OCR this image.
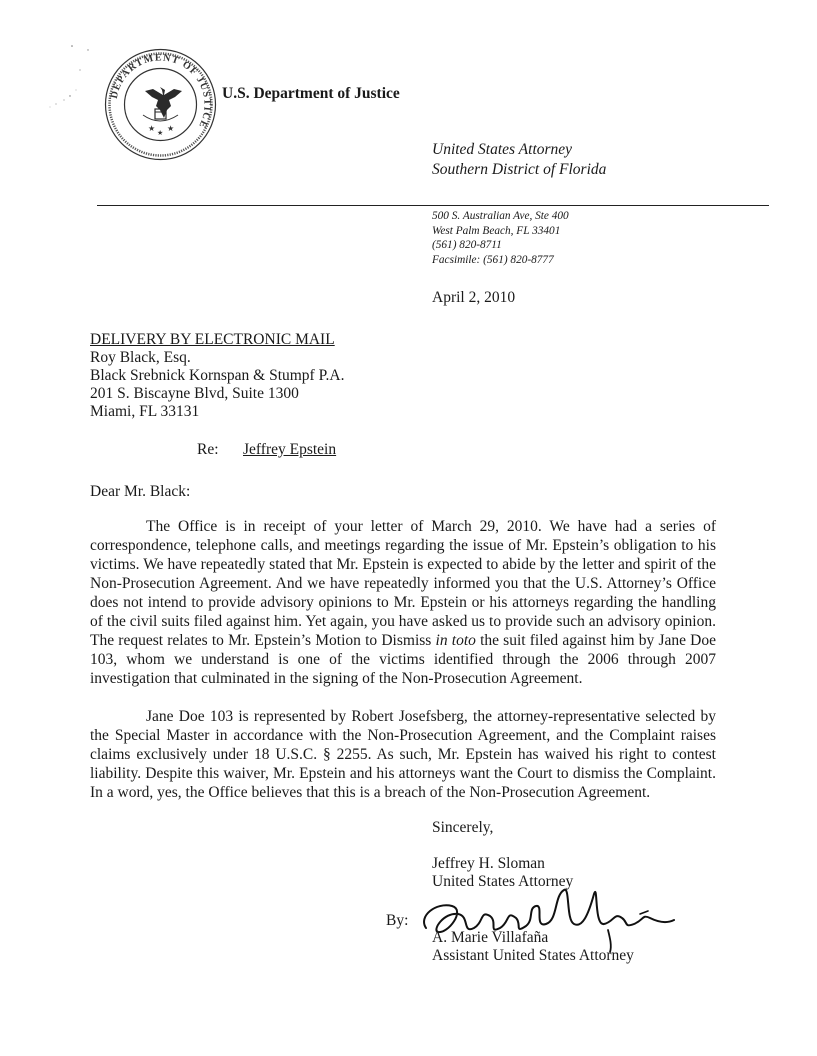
DEPARTMENT OF JUSTICE
★ ★
★
U.S. Department of Justice
United States Attorney
Southern District of Florida
500 S. Australian Ave, Ste 400
West Palm Beach, FL 33401
(561) 820-8711
Facsimile: (561) 820-8777
April 2, 2010
DELIVERY BY ELECTRONIC MAIL
Roy Black, Esq.
Black Srebnick Kornspan & Stumpf P.A.
201 S. Biscayne Blvd, Suite 1300
Miami, FL 33131
Re: Jeffrey Epstein
Dear Mr. Black:

The Office is in receipt of your letter of March 29, 2010. We have had a series of correspondence, telephone calls, and meetings regarding the issue of Mr. Epstein’s obligation to his victims. We have repeatedly stated that Mr. Epstein is expected to abide by the letter and spirit of the Non-Prosecution Agreement. And we have repeatedly informed you that the U.S. Attorney’s Office does not intend to provide advisory opinions to Mr. Epstein or his attorneys regarding the handling of the civil suits filed against him. Yet again, you have asked us to provide such an advisory opinion. The request relates to Mr. Epstein’s Motion to Dismiss in toto the suit filed against him by Jane Doe 103, whom we understand is one of the victims identified through the 2006 through 2007 investigation that culminated in the signing of the Non-Prosecution Agreement.

Jane Doe 103 is represented by Robert Josefsberg, the attorney-representative selected by the Special Master in accordance with the Non-Prosecution Agreement, and the Complaint raises claims exclusively under 18 U.S.C. § 2255. As such, Mr. Epstein has waived his right to contest liability. Despite this waiver, Mr. Epstein and his attorneys want the Court to dismiss the Complaint. In a word, yes, the Office believes that this is a breach of the Non-Prosecution Agreement.

Sincerely,
Jeffrey H. Sloman
United States Attorney
By:
A. Marie Villafaña
Assistant United States Attorney
